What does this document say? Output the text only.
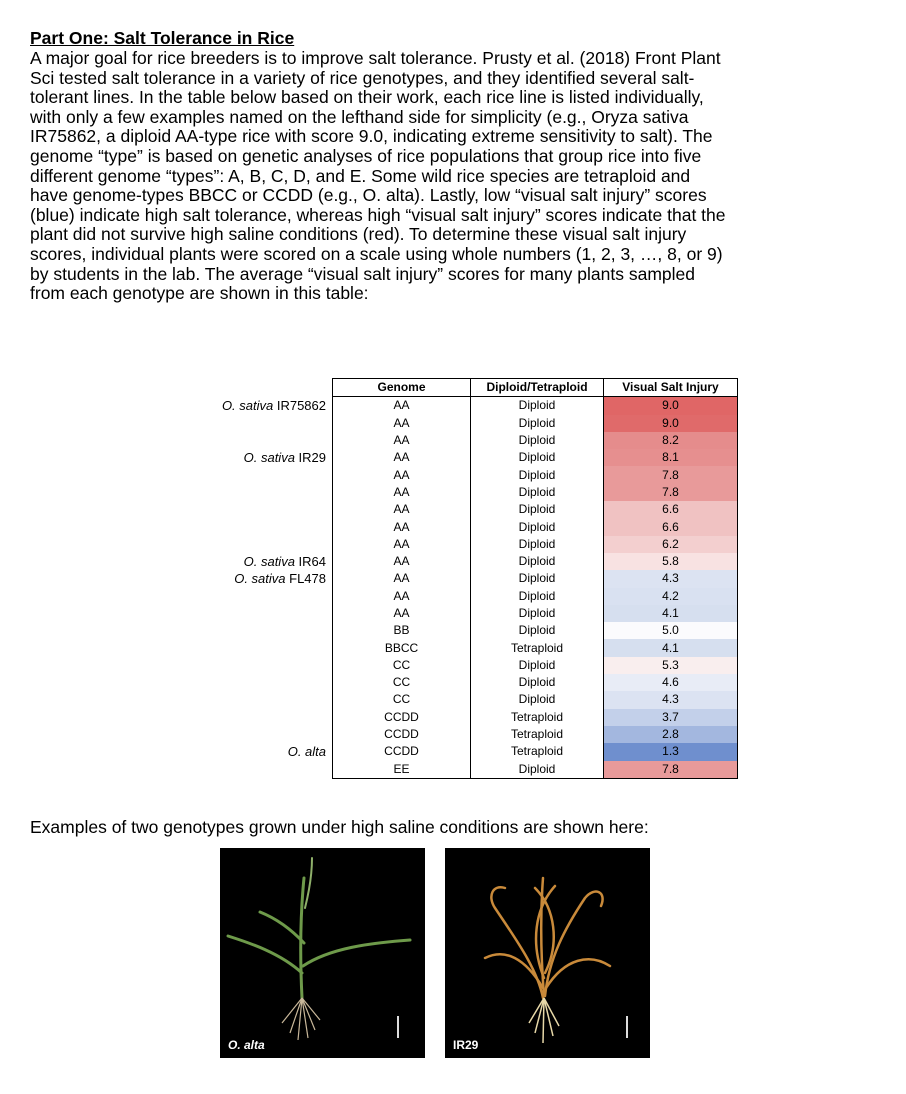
Part One: Salt Tolerance in Rice
A major goal for rice breeders is to improve salt tolerance. Prusty et al. (2018) Front Plant
Sci tested salt tolerance in a variety of rice genotypes, and they identified several salt-
tolerant lines. In the table below based on their work, each rice line is listed individually,
with only a few examples named on the lefthand side for simplicity (e.g., Oryza sativa
IR75862, a diploid AA-type rice with score 9.0, indicating extreme sensitivity to salt). The
genome “type” is based on genetic analyses of rice populations that group rice into five
different genome “types”: A, B, C, D, and E. Some wild rice species are tetraploid and
have genome-types BBCC or CCDD (e.g., O. alta). Lastly, low “visual salt injury” scores
(blue) indicate high salt tolerance, whereas high “visual salt injury” scores indicate that the
plant did not survive high saline conditions (red). To determine these visual salt injury
scores, individual plants were scored on a scale using whole numbers (1, 2, 3, …, 8, or 9)
by students in the lab. The average “visual salt injury” scores for many plants sampled
from each genotype are shown in this table:
	Genome	Diploid/Tetraploid	Visual Salt Injury
O. sativa IR75862	AA	Diploid	9.0
	AA	Diploid	9.0
	AA	Diploid	8.2
O. sativa IR29	AA	Diploid	8.1
	AA	Diploid	7.8
	AA	Diploid	7.8
	AA	Diploid	6.6
	AA	Diploid	6.6
	AA	Diploid	6.2
O. sativa IR64	AA	Diploid	5.8
O. sativa FL478	AA	Diploid	4.3
	AA	Diploid	4.2
	AA	Diploid	4.1
	BB	Diploid	5.0
	BBCC	Tetraploid	4.1
	CC	Diploid	5.3
	CC	Diploid	4.6
	CC	Diploid	4.3
	CCDD	Tetraploid	3.7
	CCDD	Tetraploid	2.8
O. alta	CCDD	Tetraploid	1.3
	EE	Diploid	7.8
Examples of two genotypes grown under high saline conditions are shown here:
O. alta	IR29
